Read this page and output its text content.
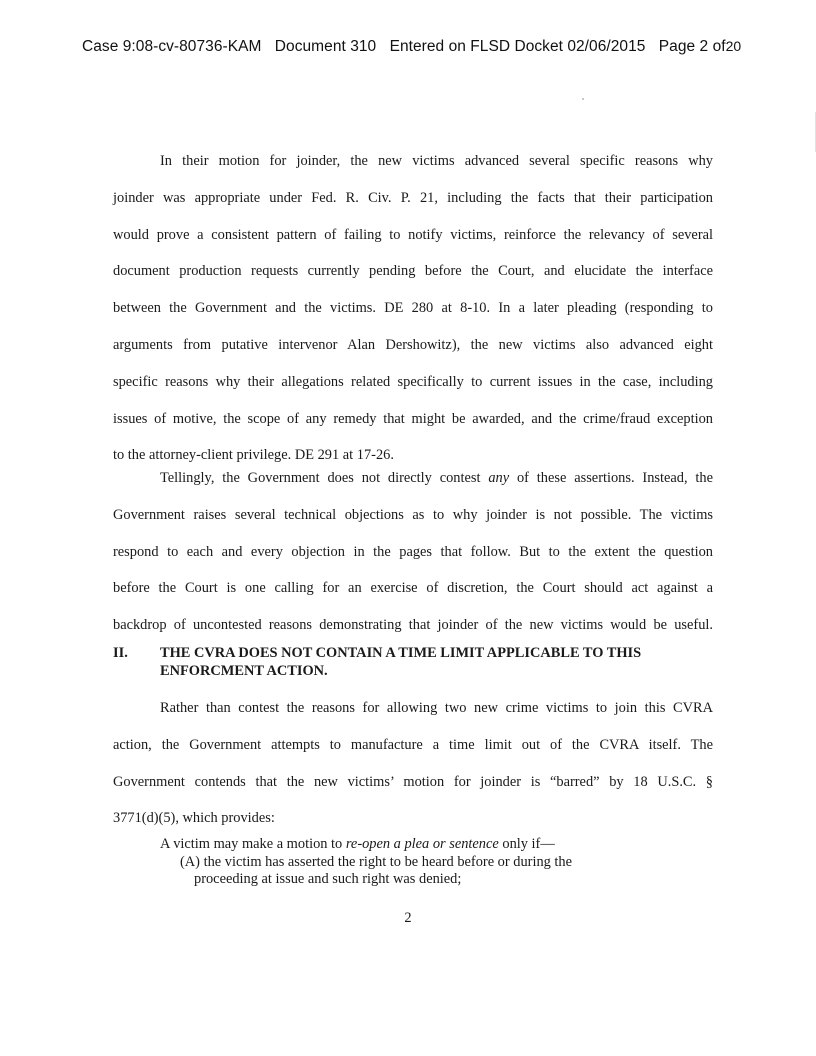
Case 9:08-cv-80736-KAM Document 310 Entered on FLSD Docket 02/06/2015 Page 2 of20
In their motion for joinder, the new victims advanced several specific reasons why
joinder was appropriate under Fed. R. Civ. P. 21, including the facts that their participation
would prove a consistent pattern of failing to notify victims, reinforce the relevancy of several
document production requests currently pending before the Court, and elucidate the interface
between the Government and the victims. DE 280 at 8-10. In a later pleading (responding to
arguments from putative intervenor Alan Dershowitz), the new victims also advanced eight
specific reasons why their allegations related specifically to current issues in the case, including
issues of motive, the scope of any remedy that might be awarded, and the crime/fraud exception
to the attorney-client privilege. DE 291 at 17-26.
Tellingly, the Government does not directly contest any of these assertions. Instead, the
Government raises several technical objections as to why joinder is not possible. The victims
respond to each and every objection in the pages that follow. But to the extent the question
before the Court is one calling for an exercise of discretion, the Court should act against a
backdrop of uncontested reasons demonstrating that joinder of the new victims would be useful.
II. THE CVRA DOES NOT CONTAIN A TIME LIMIT APPLICABLE TO THIS
ENFORCMENT ACTION.
Rather than contest the reasons for allowing two new crime victims to join this CVRA
action, the Government attempts to manufacture a time limit out of the CVRA itself. The
Government contends that the new victims’ motion for joinder is “barred” by 18 U.S.C. §
3771(d)(5), which provides:
A victim may make a motion to re-open a plea or sentence only if—
(A) the victim has asserted the right to be heard before or during the
proceeding at issue and such right was denied;
2
